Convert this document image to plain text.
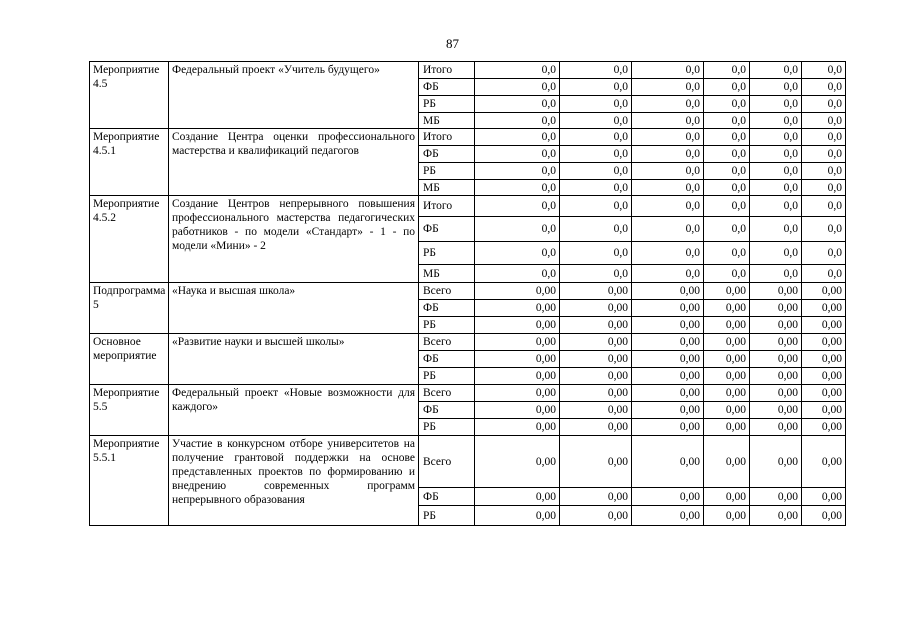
87
Мероприятие 4.5	Федеральный проект «Учитель будущего»	Итого	0,0	0,0	0,0	0,0	0,0	0,0
		ФБ	0,0	0,0	0,0	0,0	0,0	0,0
		РБ	0,0	0,0	0,0	0,0	0,0	0,0
		МБ	0,0	0,0	0,0	0,0	0,0	0,0
Мероприятие 4.5.1	Создание Центра оценки профессионального мастерства и квалификаций педагогов	Итого	0,0	0,0	0,0	0,0	0,0	0,0
		ФБ	0,0	0,0	0,0	0,0	0,0	0,0
		РБ	0,0	0,0	0,0	0,0	0,0	0,0
		МБ	0,0	0,0	0,0	0,0	0,0	0,0
Мероприятие 4.5.2	Создание Центров непрерывного повышения профессионального мастерства педагогических работников - по модели «Стандарт» - 1 - по модели «Мини» - 2	Итого	0,0	0,0	0,0	0,0	0,0	0,0
		ФБ	0,0	0,0	0,0	0,0	0,0	0,0
		РБ	0,0	0,0	0,0	0,0	0,0	0,0
		МБ	0,0	0,0	0,0	0,0	0,0	0,0
Подпрограмма 5	«Наука и высшая школа»	Всего	0,00	0,00	0,00	0,00	0,00	0,00
		ФБ	0,00	0,00	0,00	0,00	0,00	0,00
		РБ	0,00	0,00	0,00	0,00	0,00	0,00
Основное мероприятие	«Развитие науки и высшей школы»	Всего	0,00	0,00	0,00	0,00	0,00	0,00
		ФБ	0,00	0,00	0,00	0,00	0,00	0,00
		РБ	0,00	0,00	0,00	0,00	0,00	0,00
Мероприятие 5.5	Федеральный проект «Новые возможности для каждого»	Всего	0,00	0,00	0,00	0,00	0,00	0,00
		ФБ	0,00	0,00	0,00	0,00	0,00	0,00
		РБ	0,00	0,00	0,00	0,00	0,00	0,00
Мероприятие 5.5.1	Участие в конкурсном отборе университетов на получение грантовой поддержки на основе представленных проектов по формированию и внедрению современных программ непрерывного образования	Всего	0,00	0,00	0,00	0,00	0,00	0,00
		ФБ	0,00	0,00	0,00	0,00	0,00	0,00
		РБ	0,00	0,00	0,00	0,00	0,00	0,00
